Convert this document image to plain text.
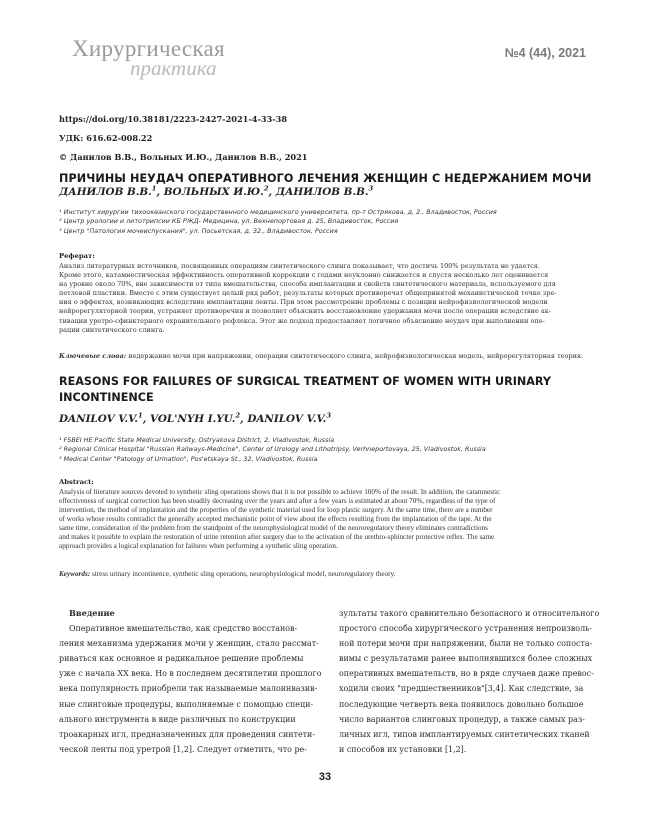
Хирургическая
практика
№4 (44), 2021
https://doi.org/10.38181/2223-2427-2021-4-33-38
УДК: 616.62-008.22
© Данилов В.В., Вольных И.Ю., Данилов В.В., 2021
ПРИЧИНЫ НЕУДАЧ ОПЕРАТИВНОГО ЛЕЧЕНИЯ ЖЕНЩИН С НЕДЕРЖАНИЕМ МОЧИ
ДАНИЛОВ В.В.$^1$, ВОЛЬНЫХ И.Ю.$^2$, ДАНИЛОВ В.В.$^3$
¹ Институт хирургии тихоокеанского государственного медицинского университета, пр-т Острякова, д. 2., Владивосток, Россия
² Центр урологии и литотрипсии КБ РЖД- Медицина, ул. Вехнепортовая д. 25, Владивосток, Россия
³ Центр "Патология мочеиспускания", ул. Посьетская, д. 32., Владивосток, Россия
Реферат:
Анализ литературных источников, посвященных операциям синтетического слинга показывает, что достичь 100% результата не удается.
Кроме этого, катамнестическая эффективность оперативной коррекции с годами неуклонно снижается и спустя несколько лет оценивается
на уровне около 70%, вне зависимости от типа вмешательства, способа имплантации и свойств синтетического материала, используемого для
петлевой пластики. Вместе с этим существует целый ряд работ, результаты которых противоречат общепринятой механистической точке зре-
ния о эффектах, возникающих вследствие имплантации ленты. При этом рассмотрение проблемы с позиции нейрофизиологической модели
нейрорегуляторной теории, устраняет противоречия и позволяет объяснить восстановление удержания мочи после операции вследствие ак-
тивации уретро-сфинктерного охранительного рефлекса. Этот же подход предоставляет логичное объяснение неудач при выполнении опе-
рации синтетического слинга.
Ключевые слова: недержание мочи при напряжении, операции синтетического слинга, нейрофизиологическая модель, нейрорегуляторная теория.
REASONS FOR FAILURES OF SURGICAL TREATMENT OF WOMEN WITH URINARY
INCONTINENCE
DANILOV V.V.$^1$, VOL'NYH I.YU.$^2$, DANILOV V.V.$^3$
¹ FSBEI HE Pacific State Medical University, Ostryakova District, 2, Vladivostok, Russia
² Regional Clinical Hospital "Russian Railways-Medicine", Center of Urology and Lithotripsy, Verhneportovaya, 25, Vladivostok, Russia
³ Medical Center "Patology of Urination", Pos'etskaya St., 32, Vladivostok, Russia
Abstract:
Analysis of literature sources devoted to synthetic sling operations shows that it is not possible to achieve 100% of the result. In addition, the catamnestic
effectiveness of surgical correction has been steadily decreasing over the years and after a few years is estimated at about 70%, regardless of the type of
intervention, the method of implantation and the properties of the synthetic material used for loop plastic surgery. At the same time, there are a number
of works whose results contradict the generally accepted mechanistic point of view about the effects resulting from the implantation of the tape. At the
same time, consideration of the problem from the standpoint of the neurophysiological model of the neuroregulatory theory eliminates contradictions
and makes it possible to explain the restoration of urine retention after surgery due to the activation of the urethro-sphincter protective reflex. The same
approach provides a logical explanation for failures when performing a synthetic sling operation.
Keywords: stress urinary incontinence, synthetic sling operations, neurophysiological model, neuroregulatory theory.
Введение
Оперативное вмешательство, как средство восстанов-
ления механизма удержания мочи у женщин, стало рассмат-
риваться как основное и радикальное решение проблемы
уже с начала XX века. Но в последнем десятилетии прошлого
века популярность приобрели так называемые малоинвазив-
ные слинговые процедуры, выполняемые с помощью специ-
ального инструмента в виде различных по конструкции
троакарных игл, предназначенных для проведения синтети-
ческой ленты под уретрой [1,2]. Следует отметить, что ре-
зультаты такого сравнительно безопасного и относительного
простого способа хирургического устранения непроизволь-
ной потери мочи при напряжении, были не только сопоста-
вимы с результатами ранее выполнявшихся более сложных
оперативных вмешательств, но в ряде случаев даже превос-
ходили своих "предшественников"[3,4]. Как следствие, за
последующие четверть века появилось довольно большое
число вариантов слинговых процедур, а также самых раз-
личных игл, типов имплантируемых синтетических тканей
и способов их установки [1,2].
33
